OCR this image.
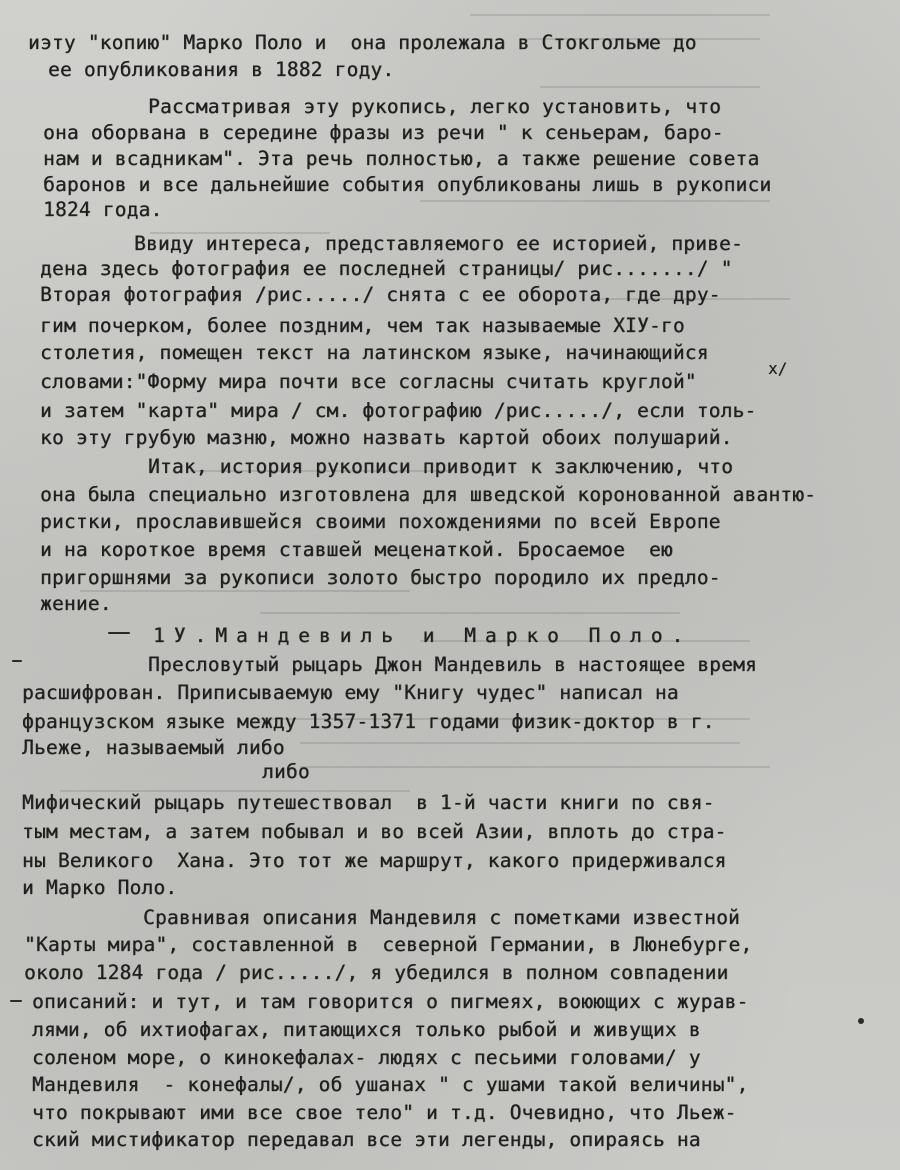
иэту "копию" Марко Поло и  она пролежала в Стокгольме до
ее опубликования в 1882 году.
Рассматривая эту рукопись, легко установить, что
она оборвана в середине фразы из речи " к сеньерам, баро-
нам и всадникам". Эта речь полностью, а также решение совета
баронов и все дальнейшие события опубликованы лишь в рукописи
1824 года.
Ввиду интереса, представляемого ее историей, приве-
дена здесь фотография ее последней страницы/ рис......./ "
Вторая фотография /рис...../ снята с ее оборота, где дру-
гим почерком, более поздним, чем так называемые XIУ-го
столетия, помещен текст на латинском языке, начинающийся
словами:"Форму мира почти все согласны считать круглой"
x/
и затем "карта" мира / см. фотографию /рис...../, если толь-
ко эту грубую мазню, можно назвать картой обоих полушарий.
Итак, история рукописи приводит к заключению, что
она была специально изготовлена для шведской коронованной авантю-
ристки, прославившейся своими похождениями по всей Европе
и на короткое время ставшей меценаткой. Бросаемое  ею
пригоршнями за рукописи золото быстро породило их предло-
жение.
1У.Мандевиль и Марко Поло.
Пресловутый рыцарь Джон Мандевиль в настоящее время
расшифрован. Приписываемую ему "Книгу чудес" написал на
французском языке между 1357-1371 годами физик-доктор в г.
Льеже, называемый либо
либо
Мифический рыцарь путешествовал  в 1-й части книги по свя-
тым местам, а затем побывал и во всей Азии, вплоть до стра-
ны Великого  Хана. Это тот же маршрут, какого придерживался
и Марко Поло.
Сравнивая описания Мандевиля с пометками известной
"Карты мира", составленной в  северной Германии, в Люнебурге,
около 1284 года / рис...../, я убедился в полном совпадении
описаний: и тут, и там говорится о пигмеях, воюющих с журав-
лями, об ихтиофагах, питающихся только рыбой и живущих в
соленом море, о кинокефалах- людях с песьими головами/ у
Мандевиля  - конефалы/, об ушанах " с ушами такой величины",
что покрывают ими все свое тело" и т.д. Очевидно, что Льеж-
ский мистификатор передавал все эти легенды, опираясь на
